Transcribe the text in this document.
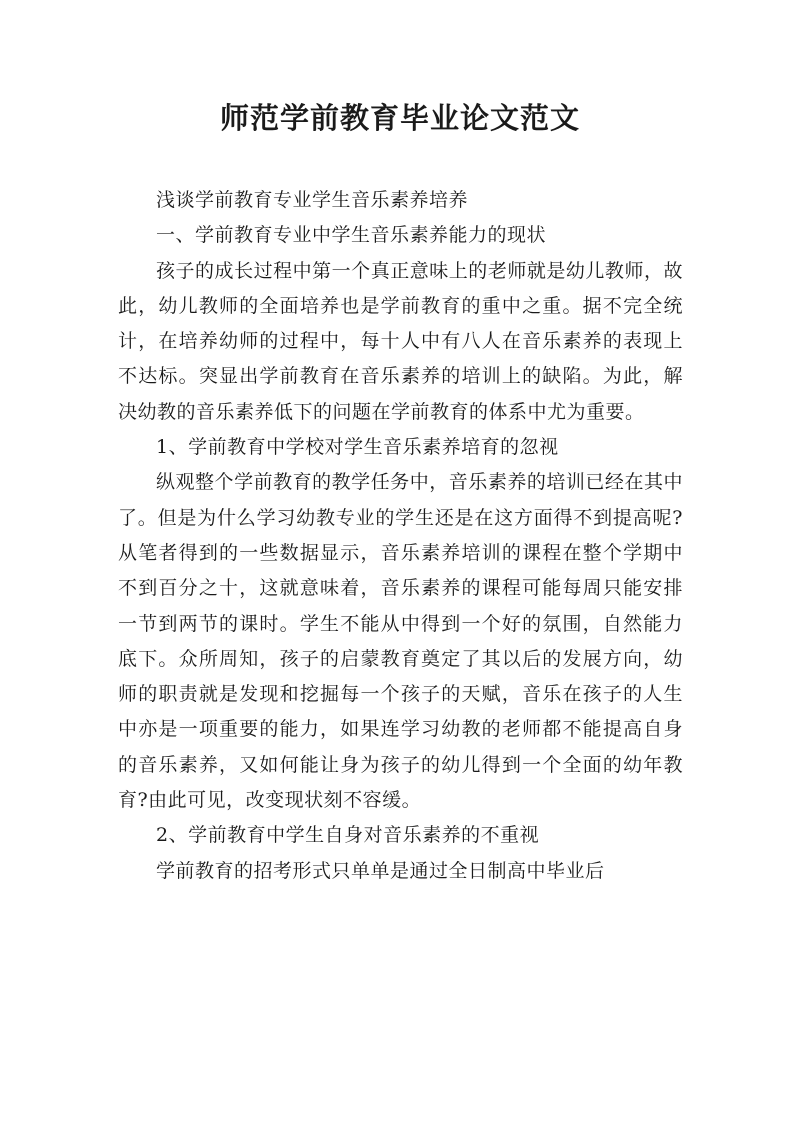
师范学前教育毕业论文范文

浅谈学前教育专业学生音乐素养培养

一、学前教育专业中学生音乐素养能力的现状

孩子的成长过程中第一个真正意味上的老师就是幼儿教师，故此，幼儿教师的全面培养也是学前教育的重中之重。据不完全统计，在培养幼师的过程中，每十人中有八人在音乐素养的表现上不达标。突显出学前教育在音乐素养的培训上的缺陷。为此，解决幼教的音乐素养低下的问题在学前教育的体系中尤为重要。

1、学前教育中学校对学生音乐素养培育的忽视

纵观整个学前教育的教学任务中，音乐素养的培训已经在其中了。但是为什么学习幼教专业的学生还是在这方面得不到提高呢?从笔者得到的一些数据显示，音乐素养培训的课程在整个学期中不到百分之十，这就意味着，音乐素养的课程可能每周只能安排一节到两节的课时。学生不能从中得到一个好的氛围，自然能力底下。众所周知，孩子的启蒙教育奠定了其以后的发展方向，幼师的职责就是发现和挖掘每一个孩子的天赋，音乐在孩子的人生中亦是一项重要的能力，如果连学习幼教的老师都不能提高自身的音乐素养，又如何能让身为孩子的幼儿得到一个全面的幼年教育?由此可见，改变现状刻不容缓。

2、学前教育中学生自身对音乐素养的不重视

学前教育的招考形式只单单是通过全日制高中毕业后
